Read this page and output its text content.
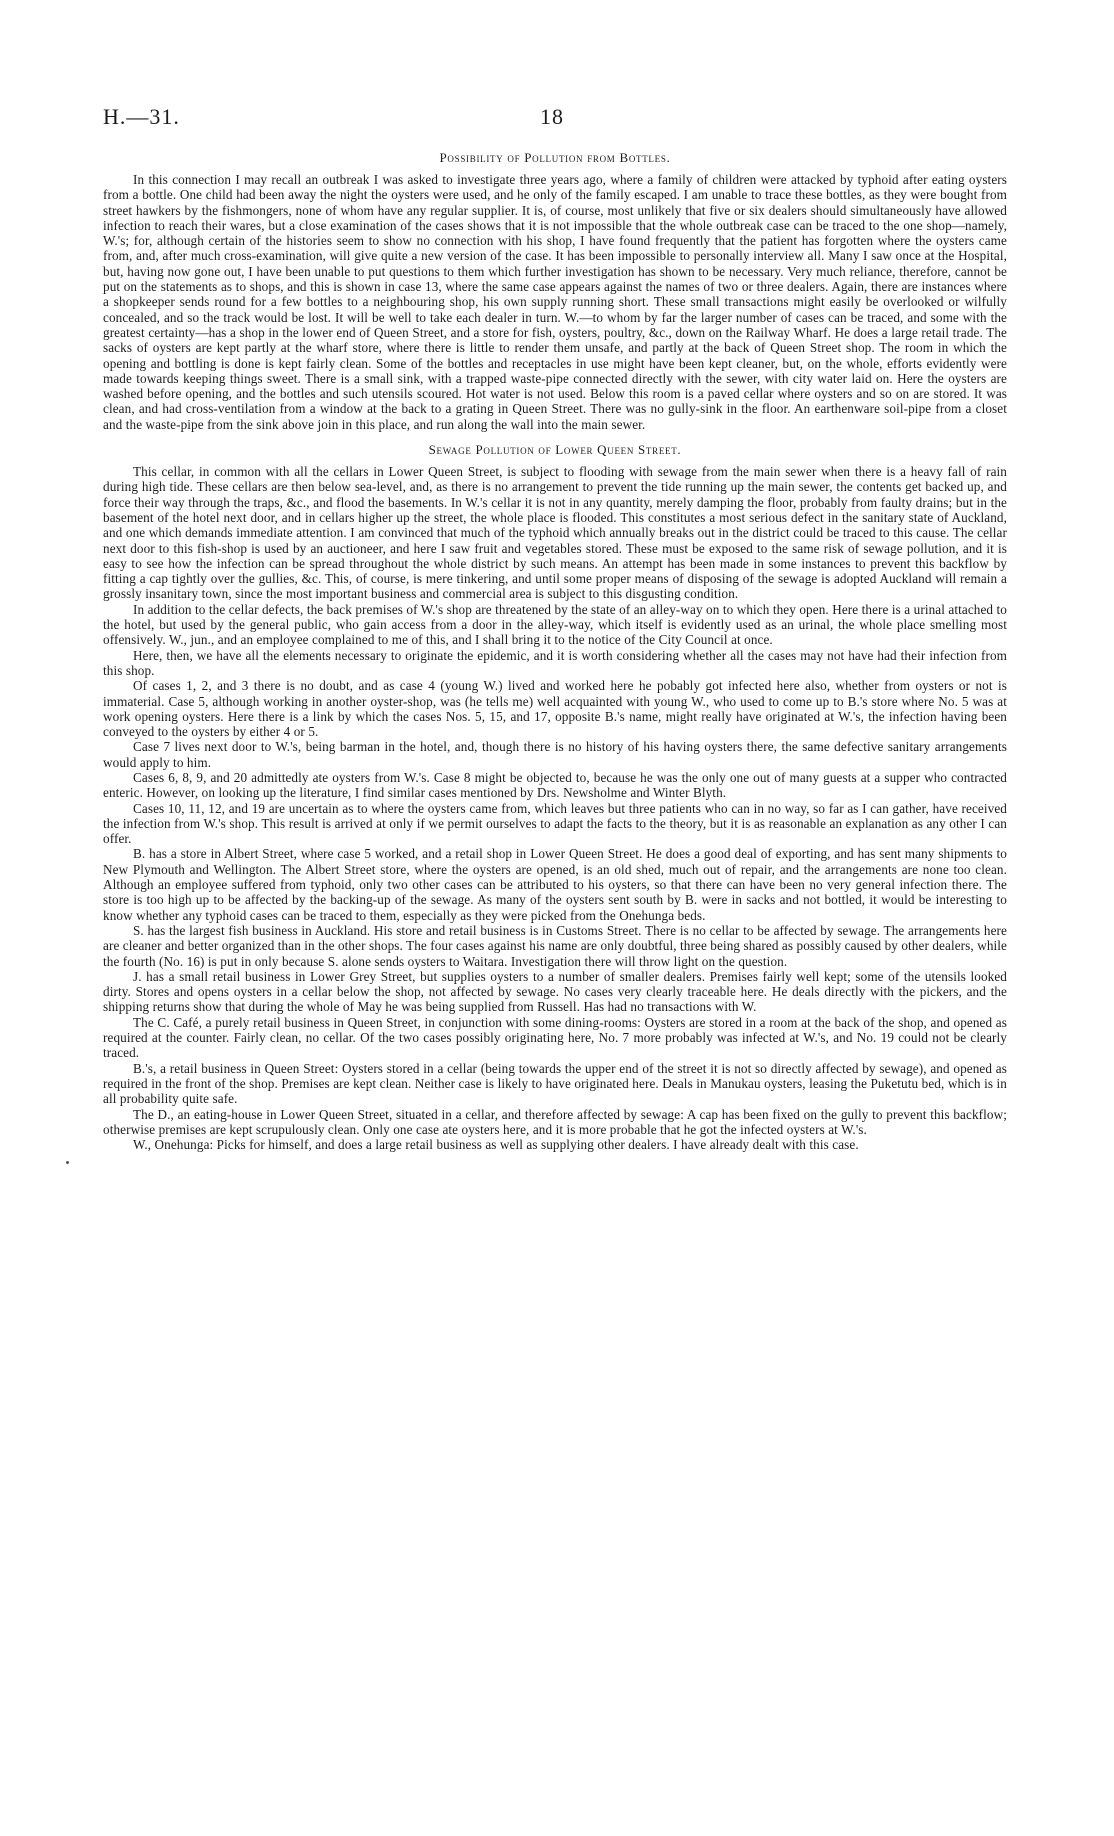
H.—31.	18
Possibility of Pollution from Bottles.

In this connection I may recall an outbreak I was asked to investigate three years ago, where a family of children were attacked by typhoid after eating oysters from a bottle. One child had been away the night the oysters were used, and he only of the family escaped. I am unable to trace these bottles, as they were bought from street hawkers by the fishmongers, none of whom have any regular supplier. It is, of course, most unlikely that five or six dealers should simultaneously have allowed infection to reach their wares, but a close examination of the cases shows that it is not impossible that the whole outbreak case can be traced to the one shop—namely, W.'s; for, although certain of the histories seem to show no connection with his shop, I have found frequently that the patient has forgotten where the oysters came from, and, after much cross-examination, will give quite a new version of the case. It has been impossible to personally interview all. Many I saw once at the Hospital, but, having now gone out, I have been unable to put questions to them which further investigation has shown to be necessary. Very much reliance, therefore, cannot be put on the statements as to shops, and this is shown in case 13, where the same case appears against the names of two or three dealers. Again, there are instances where a shopkeeper sends round for a few bottles to a neighbouring shop, his own supply running short. These small transactions might easily be overlooked or wilfully concealed, and so the track would be lost. It will be well to take each dealer in turn. W.—to whom by far the larger number of cases can be traced, and some with the greatest certainty—has a shop in the lower end of Queen Street, and a store for fish, oysters, poultry, &c., down on the Railway Wharf. He does a large retail trade. The sacks of oysters are kept partly at the wharf store, where there is little to render them unsafe, and partly at the back of Queen Street shop. The room in which the opening and bottling is done is kept fairly clean. Some of the bottles and receptacles in use might have been kept cleaner, but, on the whole, efforts evidently were made towards keeping things sweet. There is a small sink, with a trapped waste-pipe connected directly with the sewer, with city water laid on. Here the oysters are washed before opening, and the bottles and such utensils scoured. Hot water is not used. Below this room is a paved cellar where oysters and so on are stored. It was clean, and had cross-ventilation from a window at the back to a grating in Queen Street. There was no gully-sink in the floor. An earthenware soil-pipe from a closet and the waste-pipe from the sink above join in this place, and run along the wall into the main sewer.

Sewage Pollution of Lower Queen Street.

This cellar, in common with all the cellars in Lower Queen Street, is subject to flooding with sewage from the main sewer when there is a heavy fall of rain during high tide. These cellars are then below sea-level, and, as there is no arrangement to prevent the tide running up the main sewer, the contents get backed up, and force their way through the traps, &c., and flood the basements. In W.'s cellar it is not in any quantity, merely damping the floor, probably from faulty drains; but in the basement of the hotel next door, and in cellars higher up the street, the whole place is flooded. This constitutes a most serious defect in the sanitary state of Auckland, and one which demands immediate attention. I am convinced that much of the typhoid which annually breaks out in the district could be traced to this cause. The cellar next door to this fish-shop is used by an auctioneer, and here I saw fruit and vegetables stored. These must be exposed to the same risk of sewage pollution, and it is easy to see how the infection can be spread throughout the whole district by such means. An attempt has been made in some instances to prevent this backflow by fitting a cap tightly over the gullies, &c. This, of course, is mere tinkering, and until some proper means of disposing of the sewage is adopted Auckland will remain a grossly insanitary town, since the most important business and commercial area is subject to this disgusting condition.

In addition to the cellar defects, the back premises of W.'s shop are threatened by the state of an alley-way on to which they open. Here there is a urinal attached to the hotel, but used by the general public, who gain access from a door in the alley-way, which itself is evidently used as an urinal, the whole place smelling most offensively. W., jun., and an employee complained to me of this, and I shall bring it to the notice of the City Council at once.

Here, then, we have all the elements necessary to originate the epidemic, and it is worth considering whether all the cases may not have had their infection from this shop.

Of cases 1, 2, and 3 there is no doubt, and as case 4 (young W.) lived and worked here he pobably got infected here also, whether from oysters or not is immaterial. Case 5, although working in another oyster-shop, was (he tells me) well acquainted with young W., who used to come up to B.'s store where No. 5 was at work opening oysters. Here there is a link by which the cases Nos. 5, 15, and 17, opposite B.'s name, might really have originated at W.'s, the infection having been conveyed to the oysters by either 4 or 5.

Case 7 lives next door to W.'s, being barman in the hotel, and, though there is no history of his having oysters there, the same defective sanitary arrangements would apply to him.

Cases 6, 8, 9, and 20 admittedly ate oysters from W.'s. Case 8 might be objected to, because he was the only one out of many guests at a supper who contracted enteric. However, on looking up the literature, I find similar cases mentioned by Drs. Newsholme and Winter Blyth.

Cases 10, 11, 12, and 19 are uncertain as to where the oysters came from, which leaves but three patients who can in no way, so far as I can gather, have received the infection from W.'s shop. This result is arrived at only if we permit ourselves to adapt the facts to the theory, but it is as reasonable an explanation as any other I can offer.

B. has a store in Albert Street, where case 5 worked, and a retail shop in Lower Queen Street. He does a good deal of exporting, and has sent many shipments to New Plymouth and Wellington. The Albert Street store, where the oysters are opened, is an old shed, much out of repair, and the arrangements are none too clean. Although an employee suffered from typhoid, only two other cases can be attributed to his oysters, so that there can have been no very general infection there. The store is too high up to be affected by the backing-up of the sewage. As many of the oysters sent south by B. were in sacks and not bottled, it would be interesting to know whether any typhoid cases can be traced to them, especially as they were picked from the Onehunga beds.

S. has the largest fish business in Auckland. His store and retail business is in Customs Street. There is no cellar to be affected by sewage. The arrangements here are cleaner and better organized than in the other shops. The four cases against his name are only doubtful, three being shared as possibly caused by other dealers, while the fourth (No. 16) is put in only because S. alone sends oysters to Waitara. Investigation there will throw light on the question.

J. has a small retail business in Lower Grey Street, but supplies oysters to a number of smaller dealers. Premises fairly well kept; some of the utensils looked dirty. Stores and opens oysters in a cellar below the shop, not affected by sewage. No cases very clearly traceable here. He deals directly with the pickers, and the shipping returns show that during the whole of May he was being supplied from Russell. Has had no transactions with W.

The C. Café, a purely retail business in Queen Street, in conjunction with some dining-rooms: Oysters are stored in a room at the back of the shop, and opened as required at the counter. Fairly clean, no cellar. Of the two cases possibly originating here, No. 7 more probably was infected at W.'s, and No. 19 could not be clearly traced.

B.'s, a retail business in Queen Street: Oysters stored in a cellar (being towards the upper end of the street it is not so directly affected by sewage), and opened as required in the front of the shop. Premises are kept clean. Neither case is likely to have originated here. Deals in Manukau oysters, leasing the Puketutu bed, which is in all probability quite safe.

The D., an eating-house in Lower Queen Street, situated in a cellar, and therefore affected by sewage: A cap has been fixed on the gully to prevent this backflow; otherwise premises are kept scrupulously clean. Only one case ate oysters here, and it is more probable that he got the infected oysters at W.'s.

W., Onehunga: Picks for himself, and does a large retail business as well as supplying other dealers. I have already dealt with this case.
